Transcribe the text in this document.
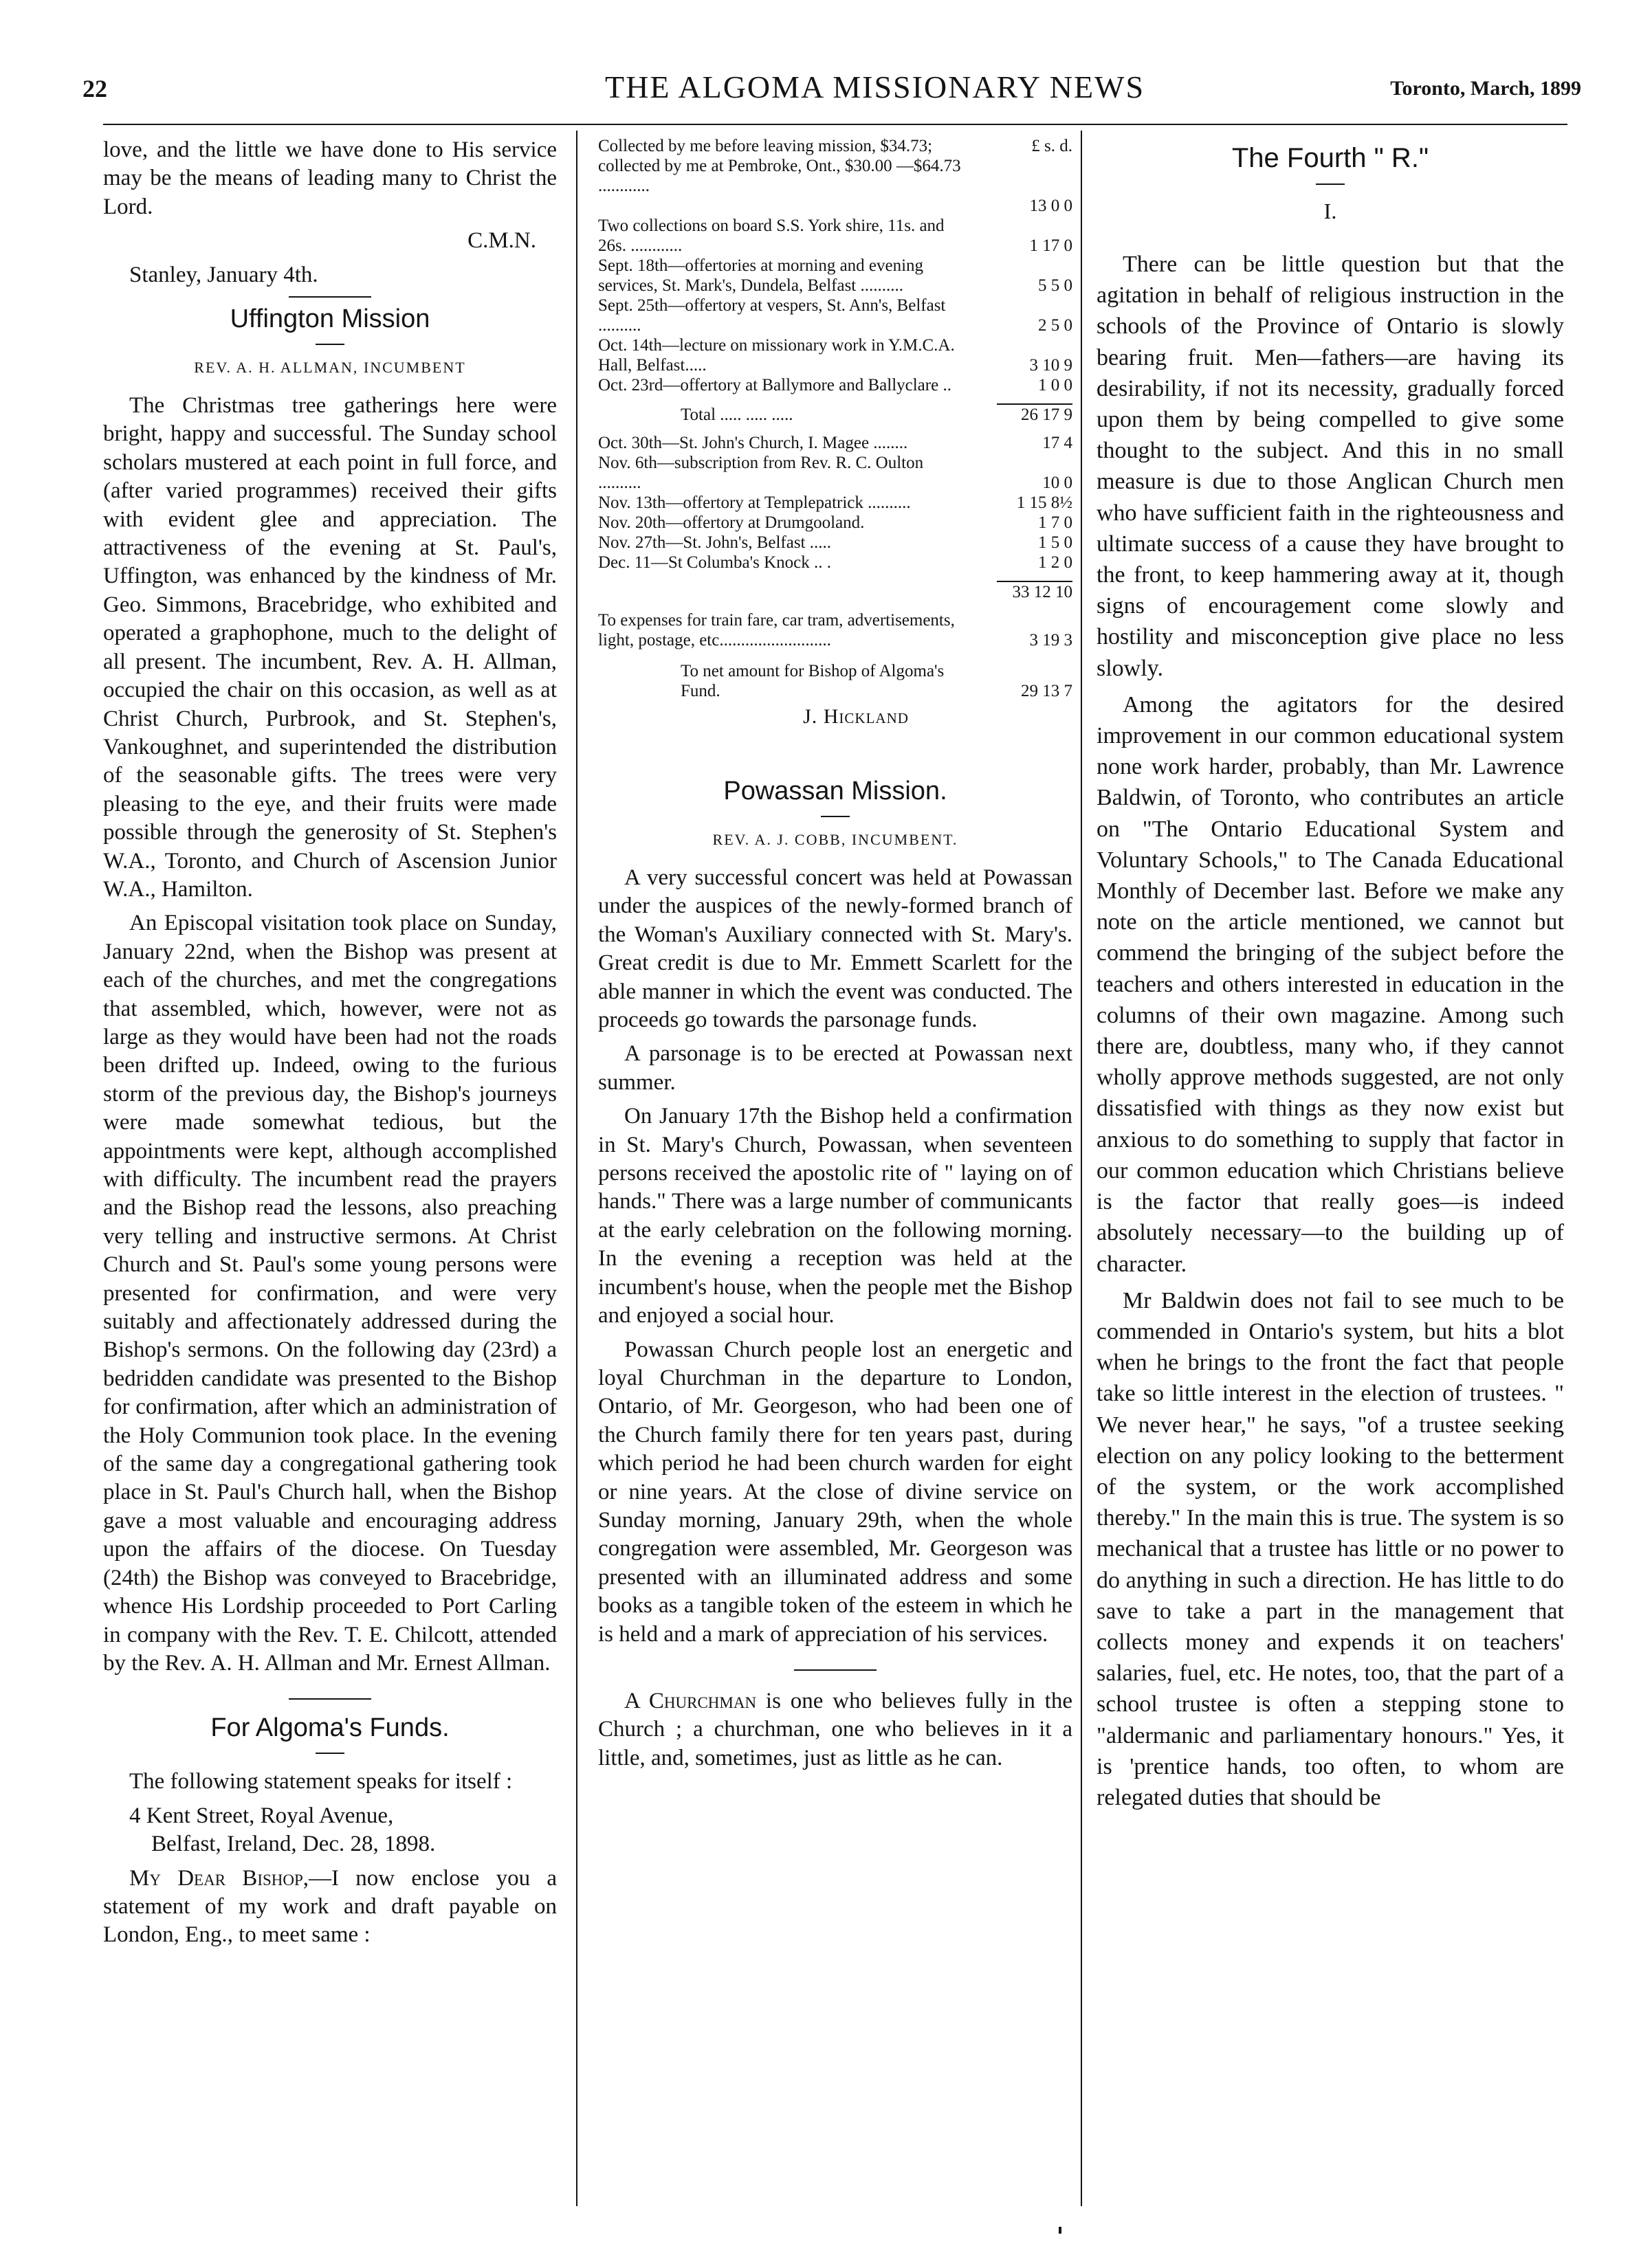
22	THE ALGOMA MISSIONARY NEWS	Toronto, March, 1899

love, and the little we have done to His service may be the means of leading many to Christ the Lord.

C.M.N.

Stanley, January 4th.

Uffington Mission
REV. A. H. ALLMAN, INCUMBENT

The Christmas tree gatherings here were bright, happy and successful. The Sunday school scholars mustered at each point in full force, and (after varied programmes) received their gifts with evident glee and appreciation. The attractiveness of the evening at St. Paul's, Uffington, was enhanced by the kindness of Mr. Geo. Simmons, Bracebridge, who exhibited and operated a graphophone, much to the delight of all present. The incumbent, Rev. A. H. Allman, occupied the chair on this occasion, as well as at Christ Church, Purbrook, and St. Stephen's, Vankoughnet, and superintended the distribution of the seasonable gifts. The trees were very pleasing to the eye, and their fruits were made possible through the generosity of St. Stephen's W.A., Toronto, and Church of Ascension Junior W.A., Hamilton.

An Episcopal visitation took place on Sunday, January 22nd, when the Bishop was present at each of the churches, and met the congregations that assembled, which, however, were not as large as they would have been had not the roads been drifted up. Indeed, owing to the furious storm of the previous day, the Bishop's journeys were made somewhat tedious, but the appointments were kept, although accomplished with difficulty. The incumbent read the prayers and the Bishop read the lessons, also preaching very telling and instructive sermons. At Christ Church and St. Paul's some young persons were presented for confirmation, and were very suitably and affectionately addressed during the Bishop's sermons. On the following day (23rd) a bedridden candidate was presented to the Bishop for confirmation, after which an administration of the Holy Communion took place. In the evening of the same day a congregational gathering took place in St. Paul's Church hall, when the Bishop gave a most valuable and encouraging address upon the affairs of the diocese. On Tuesday (24th) the Bishop was conveyed to Bracebridge, whence His Lordship proceeded to Port Carling in company with the Rev. T. E. Chilcott, attended by the Rev. A. H. Allman and Mr. Ernest Allman.

For Algoma's Funds.

The following statement speaks for itself :

4 Kent Street, Royal Avenue,

Belfast, Ireland, Dec. 28, 1898.

My Dear Bishop,—I now enclose you a statement of my work and draft payable on London, Eng., to meet same :

Collected by me before leaving mission, $34.73; collected by me at Pembroke, Ont., $30.00 —$64.73 ............	£ s. d.
	13 0 0
Two collections on board S.S. York shire, 11s. and 26s. ............	1 17 0
Sept. 18th—offertories at morning and evening services, St. Mark's, Dundela, Belfast ..........	5 5 0
Sept. 25th—offertory at vespers, St. Ann's, Belfast ..........	2 5 0
Oct. 14th—lecture on missionary work in Y.M.C.A. Hall, Belfast.....	3 10 9
Oct. 23rd—offertory at Ballymore and Ballyclare ..	1 0 0
Total ..... ..... .....	26 17 9
Oct. 30th—St. John's Church, I. Magee ........	17 4
Nov. 6th—subscription from Rev. R. C. Oulton ..........	10 0
Nov. 13th—offertory at Templepatrick ..........	1 15 8½
Nov. 20th—offertory at Drumgooland.	1 7 0
Nov. 27th—St. John's, Belfast .....	1 5 0
Dec. 11—St Columba's Knock .. .	1 2 0

33 12 10
To expenses for train fare, car tram, advertisements, light, postage, etc..........................	3 19 3
To net amount for Bishop of Algoma's Fund.	29 13 7
J. Hickland
Powassan Mission.
REV. A. J. COBB, INCUMBENT.

A very successful concert was held at Powassan under the auspices of the newly-formed branch of the Woman's Auxiliary connected with St. Mary's. Great credit is due to Mr. Emmett Scarlett for the able manner in which the event was conducted. The proceeds go towards the parsonage funds.

A parsonage is to be erected at Powassan next summer.

On January 17th the Bishop held a confirmation in St. Mary's Church, Powassan, when seventeen persons received the apostolic rite of " laying on of hands." There was a large number of communicants at the early celebration on the following morning. In the evening a reception was held at the incumbent's house, when the people met the Bishop and enjoyed a social hour.

Powassan Church people lost an energetic and loyal Churchman in the departure to London, Ontario, of Mr. Georgeson, who had been one of the Church family there for ten years past, during which period he had been church warden for eight or nine years. At the close of divine service on Sunday morning, January 29th, when the whole congregation were assembled, Mr. Georgeson was presented with an illuminated address and some books as a tangible token of the esteem in which he is held and a mark of appreciation of his services.

A Churchman is one who believes fully in the Church ; a churchman, one who believes in it a little, and, sometimes, just as little as he can.

The Fourth " R."
I.

There can be little question but that the agitation in behalf of religious instruction in the schools of the Province of Ontario is slowly bearing fruit. Men—fathers—are having its desirability, if not its necessity, gradually forced upon them by being compelled to give some thought to the subject. And this in no small measure is due to those Anglican Church men who have sufficient faith in the righteousness and ultimate success of a cause they have brought to the front, to keep hammering away at it, though signs of encouragement come slowly and hostility and misconception give place no less slowly.

Among the agitators for the desired improvement in our common educational system none work harder, probably, than Mr. Lawrence Baldwin, of Toronto, who contributes an article on "The Ontario Educational System and Voluntary Schools," to The Canada Educational Monthly of December last. Before we make any note on the article mentioned, we cannot but commend the bringing of the subject before the teachers and others interested in education in the columns of their own magazine. Among such there are, doubtless, many who, if they cannot wholly approve methods suggested, are not only dissatisfied with things as they now exist but anxious to do something to supply that factor in our common education which Christians believe is the factor that really goes—is indeed absolutely necessary—to the building up of character.

Mr Baldwin does not fail to see much to be commended in Ontario's system, but hits a blot when he brings to the front the fact that people take so little interest in the election of trustees. " We never hear," he says, "of a trustee seeking election on any policy looking to the betterment of the system, or the work accomplished thereby." In the main this is true. The system is so mechanical that a trustee has little or no power to do anything in such a direction. He has little to do save to take a part in the management that collects money and expends it on teachers' salaries, fuel, etc. He notes, too, that the part of a school trustee is often a stepping stone to "aldermanic and parliamentary honours." Yes, it is 'prentice hands, too often, to whom are relegated duties that should be
